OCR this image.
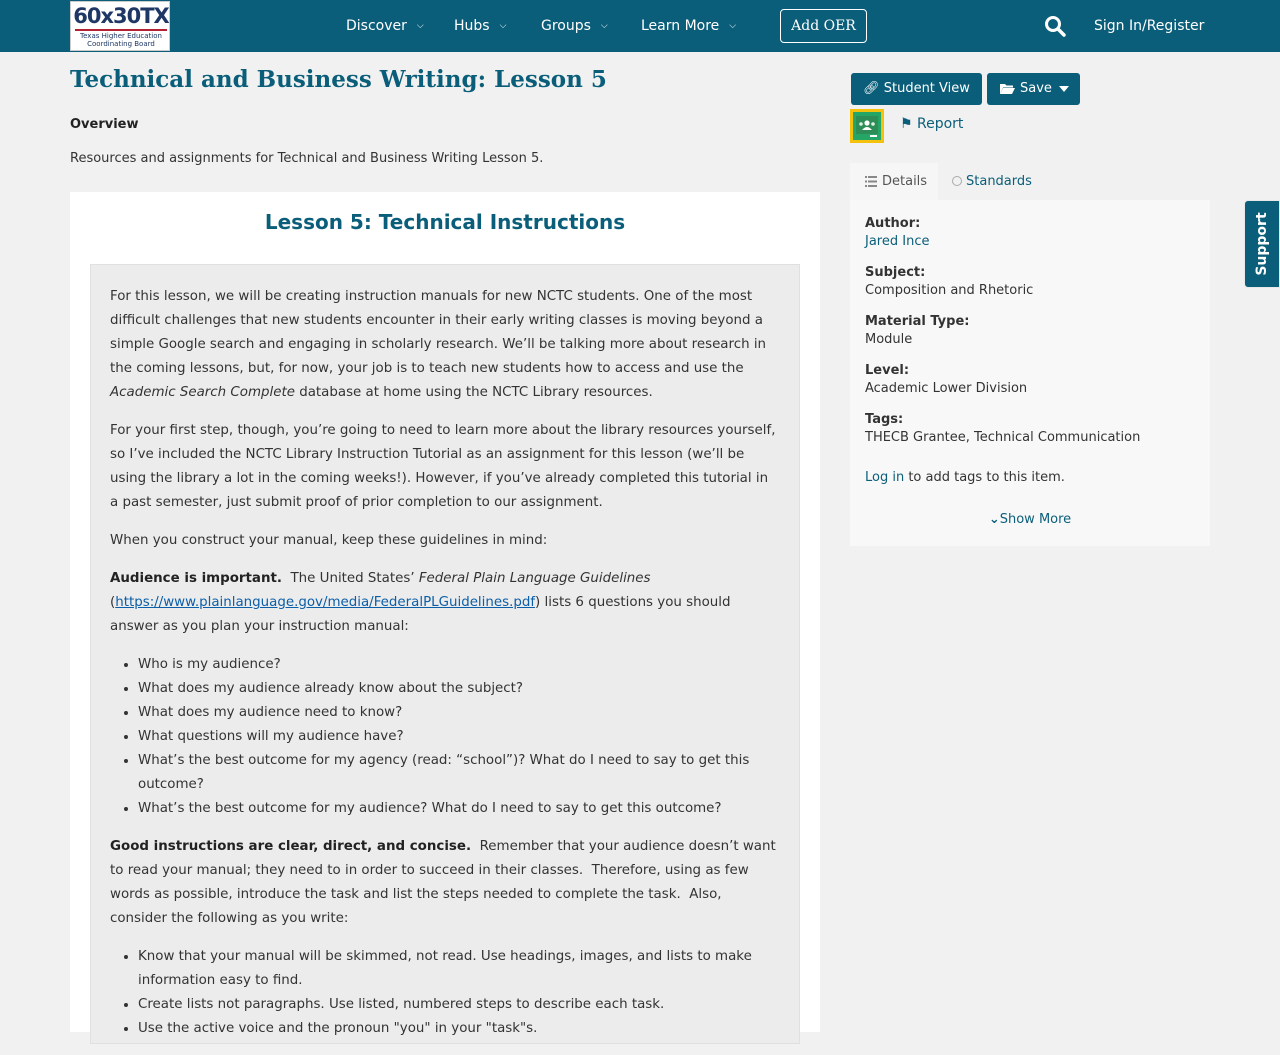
60x30TX
Texas Higher Education
Coordinating Board
Discover ⌵ Hubs ⌵ Groups ⌵ Learn More ⌵	Add OER	Sign In/Register
Technical and Business Writing: Lesson 5
Overview
Resources and assignments for Technical and Business Writing Lesson 5.
Lesson 5: Technical Instructions

For this lesson, we will be creating instruction manuals for new NCTC students. One of the most difficult challenges that new students encounter in their early writing classes is moving beyond a simple Google search and engaging in scholarly research. We’ll be talking more about research in the coming lessons, but, for now, your job is to teach new students how to access and use the Academic Search Complete database at home using the NCTC Library resources.

For your first step, though, you’re going to need to learn more about the library resources yourself, so I’ve included the NCTC Library Instruction Tutorial as an assignment for this lesson (we’ll be using the library a lot in the coming weeks!). However, if you’ve already completed this tutorial in a past semester, just submit proof of prior completion to our assignment.

When you construct your manual, keep these guidelines in mind:

Audience is important.  The United States’ Federal Plain Language Guidelines
(https://www.plainlanguage.gov/media/FederalPLGuidelines.pdf) lists 6 questions you should answer as you plan your instruction manual:

• Who is my audience?
• What does my audience already know about the subject?
• What does my audience need to know?
• What questions will my audience have?
• What’s the best outcome for my agency (read: “school”)? What do I need to say to get this outcome?
• What’s the best outcome for my audience? What do I need to say to get this outcome?

Good instructions are clear, direct, and concise.  Remember that your audience doesn’t want to read your manual; they need to in order to succeed in their classes.  Therefore, using as few words as possible, introduce the task and list the steps needed to complete the task.  Also, consider the following as you write:

• Know that your manual will be skimmed, not read. Use headings, images, and lists to make information easy to find.
• Create lists not paragraphs. Use listed, numbered steps to describe each task.
• Use the active voice and the pronoun "you" in your "task"s.
🔗︎ Student View	Save
⚑ Report
Details	Standards
Author:
Jared Ince
Subject:
Composition and Rhetoric
Material Type:
Module
Level:
Academic Lower Division
Tags:
THECB Grantee, Technical Communication
Log in to add tags to this item.
⌄Show More
Support
